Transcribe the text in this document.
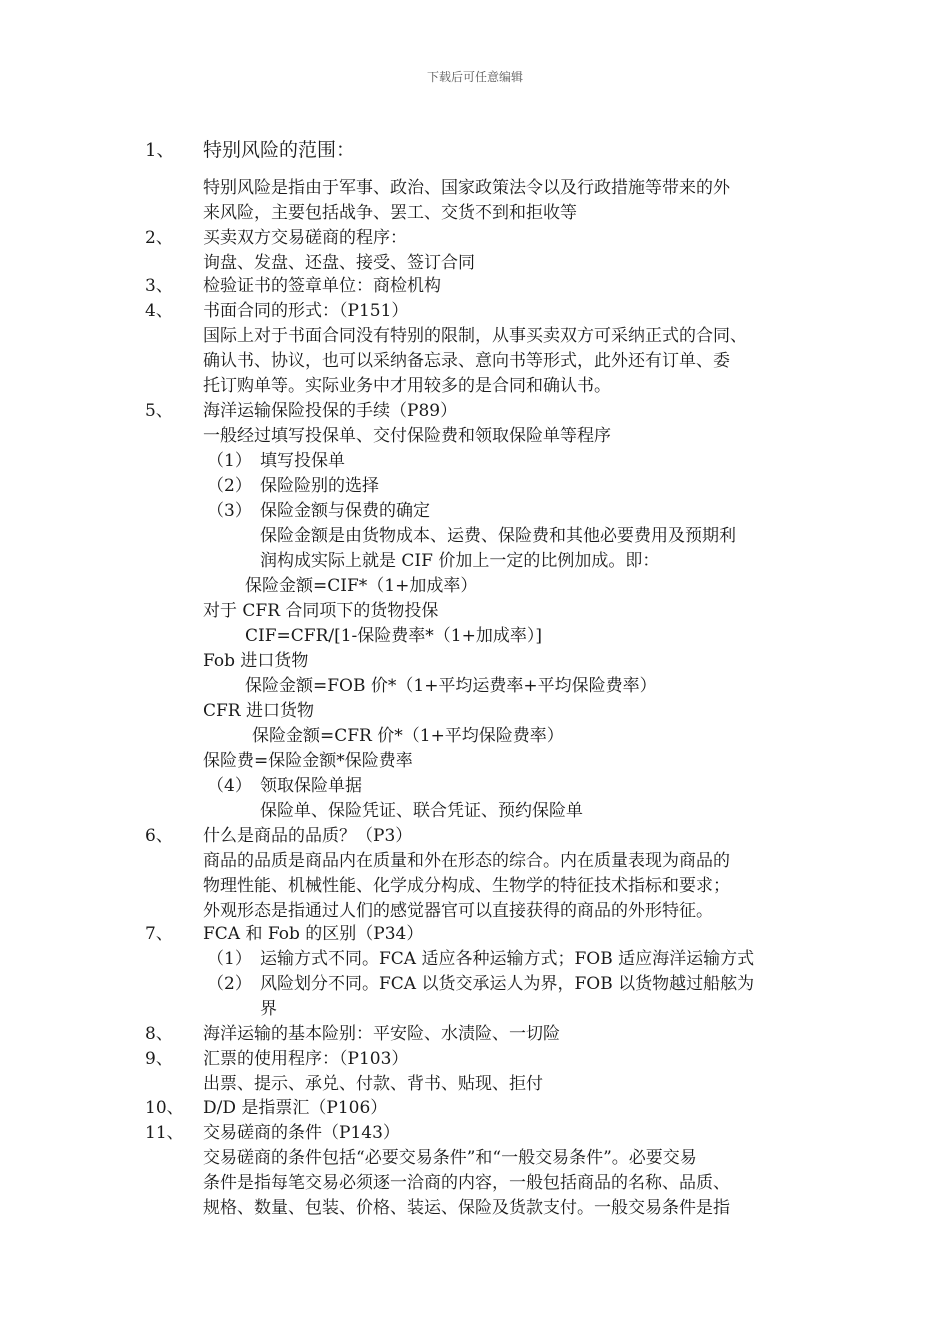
下载后可任意编辑
1、 特别风险的范围：
特别风险是指由于军事、政治、国家政策法令以及行政措施等带来的外
来风险，主要包括战争、罢工、交货不到和拒收等
2、 买卖双方交易磋商的程序：
询盘、发盘、还盘、接受、签订合同
3、 检验证书的签章单位：商检机构
4、 书面合同的形式：（P151）
国际上对于书面合同没有特别的限制，从事买卖双方可采纳正式的合同、
确认书、协议，也可以采纳备忘录、意向书等形式，此外还有订单、委
托订购单等。实际业务中才用较多的是合同和确认书。
5、 海洋运输保险投保的手续（P89）
一般经过填写投保单、交付保险费和领取保险单等程序
（1） 填写投保单
（2） 保险险别的选择
（3） 保险金额与保费的确定
保险金额是由货物成本、运费、保险费和其他必要费用及预期利
润构成实际上就是 CIF 价加上一定的比例加成。即：
保险金额=CIF*（1+加成率）
对于 CFR 合同项下的货物投保
CIF=CFR/[1-保险费率*（1+加成率）]
Fob 进口货物
保险金额=FOB 价*（1+平均运费率+平均保险费率）
CFR 进口货物
保险金额=CFR 价*（1+平均保险费率）
保险费=保险金额*保险费率
（4） 领取保险单据
保险单、保险凭证、联合凭证、预约保险单
6、 什么是商品的品质？（P3）
商品的品质是商品内在质量和外在形态的综合。内在质量表现为商品的
物理性能、机械性能、化学成分构成、生物学的特征技术指标和要求；
外观形态是指通过人们的感觉器官可以直接获得的商品的外形特征。
7、 FCA 和 Fob 的区别（P34）
（1） 运输方式不同。FCA 适应各种运输方式；FOB 适应海洋运输方式
（2） 风险划分不同。FCA 以货交承运人为界，FOB 以货物越过船舷为
界
8、 海洋运输的基本险别：平安险、水渍险、一切险
9、 汇票的使用程序：（P103）
出票、提示、承兑、付款、背书、贴现、拒付
10、 D/D 是指票汇（P106）
11、 交易磋商的条件（P143）
交易磋商的条件包括“必要交易条件”和“一般交易条件”。必要交易
条件是指每笔交易必须逐一洽商的内容，一般包括商品的名称、品质、
规格、数量、包装、价格、装运、保险及货款支付。一般交易条件是指
